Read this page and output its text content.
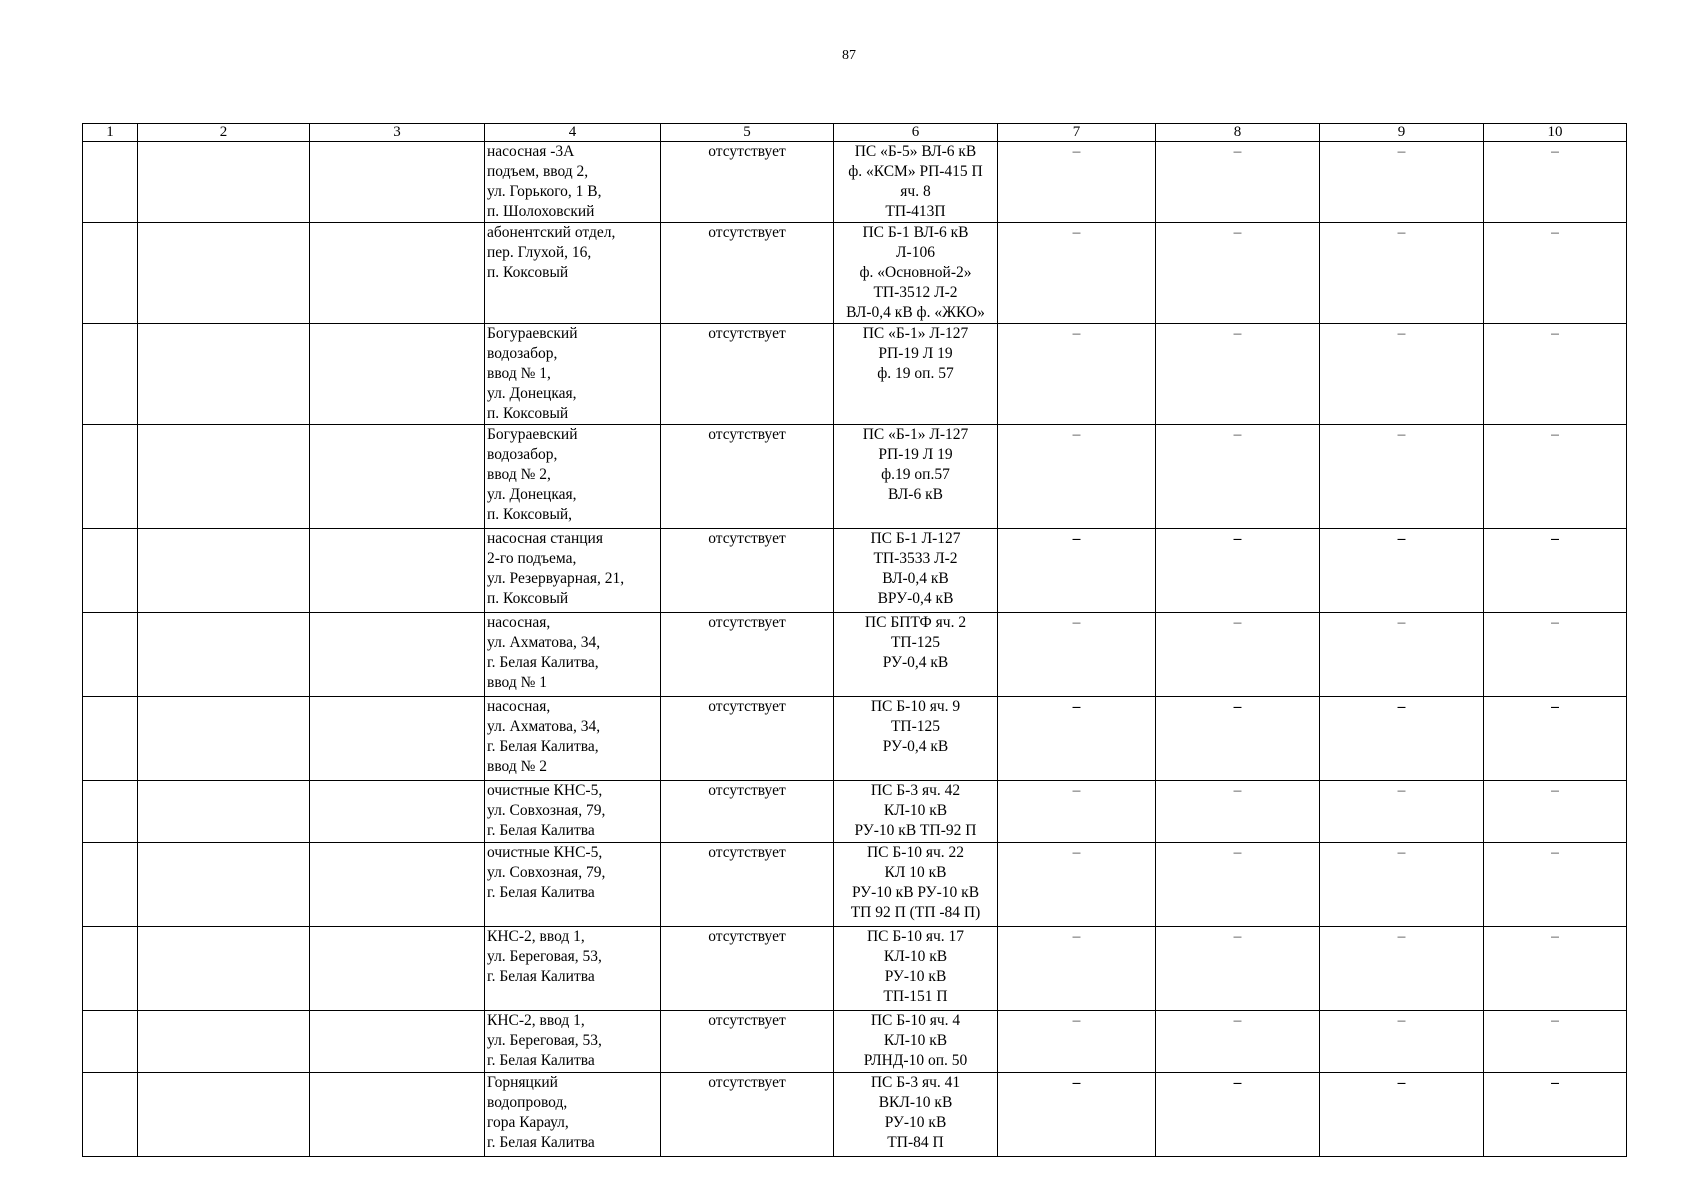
87
1	2	3	4	5	6	7	8	9	10
			насосная -3А
подъем, ввод 2,
ул. Горького, 1 В,
п. Шолоховский	отсутствует	ПС «Б-5» ВЛ-6 кВ
ф. «КСМ» РП-415 П
яч. 8
ТП-413П	–	–	–	–
			абонентский отдел,
пер. Глухой, 16,
п. Коксовый	отсутствует	ПС Б-1 ВЛ-6 кВ
Л-106
ф. «Основной-2»
ТП-3512 Л-2
ВЛ-0,4 кВ ф. «ЖКО»	–	–	–	–
			Богураевский
водозабор,
ввод № 1,
ул. Донецкая,
п. Коксовый	отсутствует	ПС «Б-1» Л-127
РП-19 Л 19
ф. 19 оп. 57	–	–	–	–
			Богураевский
водозабор,
ввод № 2,
ул. Донецкая,
п. Коксовый,	отсутствует	ПС «Б-1» Л-127
РП-19 Л 19
ф.19 оп.57
ВЛ-6 кВ	–	–	–	–
			насосная станция
2-го подъема,
ул. Резервуарная, 21,
п. Коксовый	отсутствует	ПС Б-1 Л-127
ТП-3533 Л-2
ВЛ-0,4 кВ
ВРУ-0,4 кВ	–	–	–	–
			насосная,
ул. Ахматова, 34,
г. Белая Калитва,
ввод № 1	отсутствует	ПС БПТФ яч. 2
ТП-125
РУ-0,4 кВ	–	–	–	–
			насосная,
ул. Ахматова, 34,
г. Белая Калитва,
ввод № 2	отсутствует	ПС Б-10 яч. 9
ТП-125
РУ-0,4 кВ	–	–	–	–
			очистные КНС-5,
ул. Совхозная, 79,
г. Белая Калитва	отсутствует	ПС Б-3 яч. 42
КЛ-10 кВ
РУ-10 кВ ТП-92 П	–	–	–	–
			очистные КНС-5,
ул. Совхозная, 79,
г. Белая Калитва	отсутствует	ПС Б-10 яч. 22
КЛ 10 кВ
РУ-10 кВ РУ-10 кВ
ТП 92 П (ТП -84 П)	–	–	–	–
			КНС-2, ввод 1,
ул. Береговая, 53,
г. Белая Калитва	отсутствует	ПС Б-10 яч. 17
КЛ-10 кВ
РУ-10 кВ
ТП-151 П	–	–	–	–
			КНС-2, ввод 1,
ул. Береговая, 53,
г. Белая Калитва	отсутствует	ПС Б-10 яч. 4
КЛ-10 кВ
РЛНД-10 оп. 50	–	–	–	–
			Горняцкий
водопровод,
гора Караул,
г. Белая Калитва	отсутствует	ПС Б-3 яч. 41
ВКЛ-10 кВ
РУ-10 кВ
ТП-84 П	–	–	–	–
